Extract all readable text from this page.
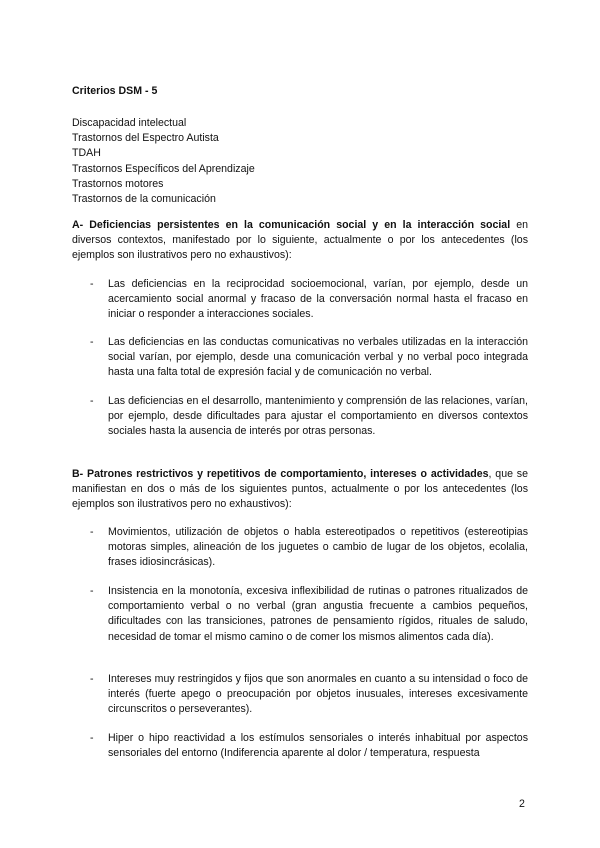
Criterios DSM - 5
Discapacidad intelectual
Trastornos del Espectro Autista
TDAH
Trastornos Específicos del Aprendizaje
Trastornos motores
Trastornos de la comunicación
A- Deficiencias persistentes en la comunicación social y en la interacción social en diversos contextos, manifestado por lo siguiente, actualmente o por los antecedentes (los ejemplos son ilustrativos pero no exhaustivos):
- Las deficiencias en la reciprocidad socioemocional, varían, por ejemplo, desde un acercamiento social anormal y fracaso de la conversación normal hasta el fracaso en iniciar o responder a interacciones sociales.
- Las deficiencias en las conductas comunicativas no verbales utilizadas en la interacción social varían, por ejemplo, desde una comunicación verbal y no verbal poco integrada hasta una falta total de expresión facial y de comunicación no verbal.
- Las deficiencias en el desarrollo, mantenimiento y comprensión de las relaciones, varían, por ejemplo, desde dificultades para ajustar el comportamiento en diversos contextos sociales hasta la ausencia de interés por otras personas.
B- Patrones restrictivos y repetitivos de comportamiento, intereses o actividades, que se manifiestan en dos o más de los siguientes puntos, actualmente o por los antecedentes (los ejemplos son ilustrativos pero no exhaustivos):
- Movimientos, utilización de objetos o habla estereotipados o repetitivos (estereotipias motoras simples, alineación de los juguetes o cambio de lugar de los objetos, ecolalia, frases idiosincrásicas).
- Insistencia en la monotonía, excesiva inflexibilidad de rutinas o patrones ritualizados de comportamiento verbal o no verbal (gran angustia frecuente a cambios pequeños, dificultades con las transiciones, patrones de pensamiento rígidos, rituales de saludo, necesidad de tomar el mismo camino o de comer los mismos alimentos cada día).
- Intereses muy restringidos y fijos que son anormales en cuanto a su intensidad o foco de interés (fuerte apego o preocupación por objetos inusuales, intereses excesivamente circunscritos o perseverantes).
- Hiper o hipo reactividad a los estímulos sensoriales o interés inhabitual por aspectos sensoriales del entorno (Indiferencia aparente al dolor / temperatura, respuesta
2
